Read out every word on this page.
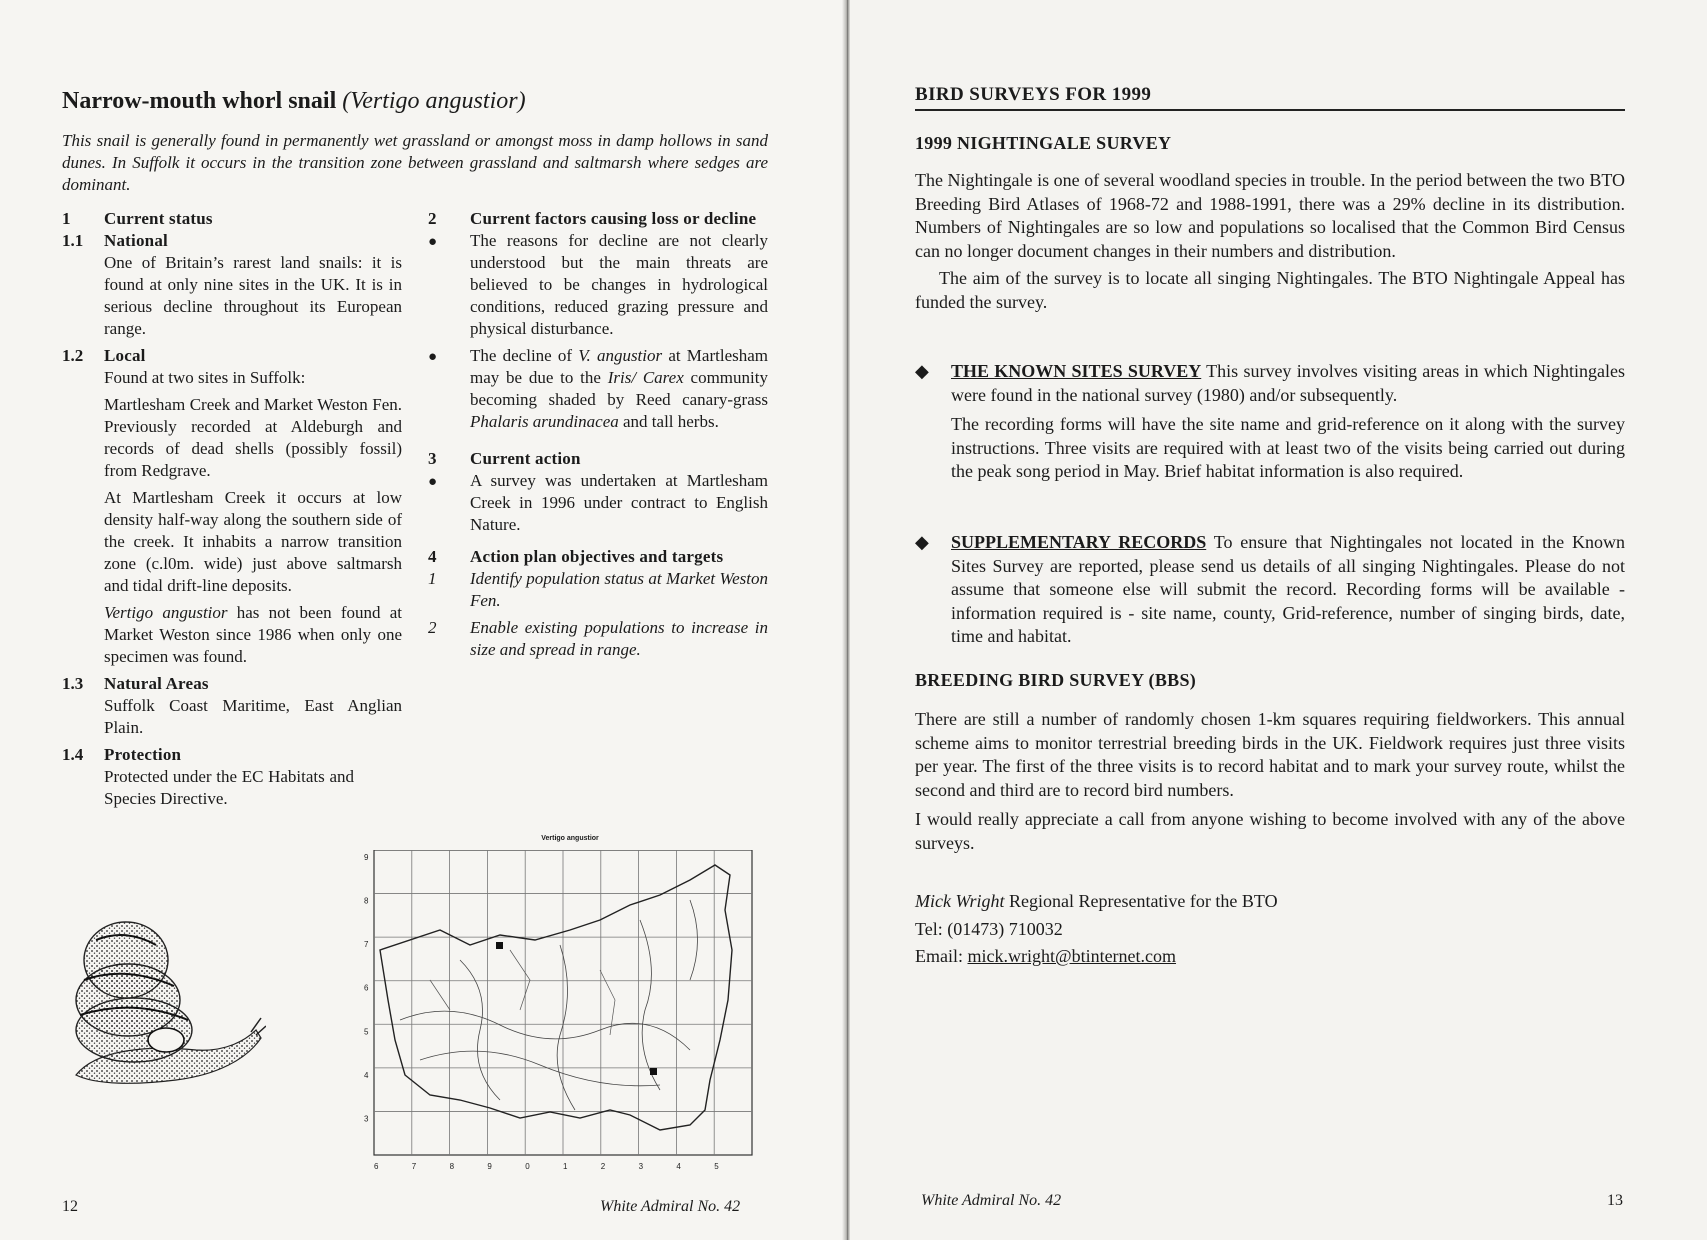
Narrow-mouth whorl snail (Vertigo angustior)

This snail is generally found in permanently wet grassland or amongst moss in damp hollows in sand dunes. In Suffolk it occurs in the transition zone between grassland and saltmarsh where sedges are dominant.

1	Current status
1.1	National
One of Britain’s rarest land snails: it is found at only nine sites in the UK. It is in serious decline throughout its European range.
1.2	Local
Found at two sites in Suffolk:
Martlesham Creek and Market Weston Fen. Previously recorded at Aldeburgh and records of dead shells (possibly fossil) from Redgrave.
At Martlesham Creek it occurs at low density half-way along the southern side of the creek. It inhabits a narrow transition zone (c.l0m. wide) just above saltmarsh and tidal drift-line deposits.
Vertigo angustior has not been found at Market Weston since 1986 when only one specimen was found.
1.3	Natural Areas
Suffolk Coast Maritime, East Anglian Plain.
1.4	Protection
Protected under the EC Habitats and Species Directive.
2	Current factors causing loss or decline
●	The reasons for decline are not clearly understood but the main threats are believed to be changes in hydrological conditions, reduced grazing pressure and physical disturbance.
●	The decline of V. angustior at Martlesham may be due to the Iris/ Carex community becoming shaded by Reed canary-grass Phalaris arundinacea and tall herbs.
3	Current action
●	A survey was undertaken at Martlesham Creek in 1996 under contract to English Nature.
4	Action plan objectives and targets
1	Identify population status at Market Weston Fen.
2	Enable existing populations to increase in size and spread in range.
Vertigo angustior
6	7	8	9	0	1	2	3	4	5
9
8
7
6
5
4
3
12	White Admiral No. 42
BIRD SURVEYS FOR 1999
1999 NIGHTINGALE SURVEY

The Nightingale is one of several woodland species in trouble. In the period between the two BTO Breeding Bird Atlases of 1968-72 and 1988-1991, there was a 29% decline in its distribution. Numbers of Nightingales are so low and populations so localised that the Common Bird Census can no longer document changes in their numbers and distribution.

The aim of the survey is to locate all singing Nightingales. The BTO Nightingale Appeal has funded the survey.

◆	THE KNOWN SITES SURVEY This survey involves visiting areas in which Nightingales were found in the national survey (1980) and/or subsequently.

The recording forms will have the site name and grid-reference on it along with the survey instructions. Three visits are required with at least two of the visits being carried out during the peak song period in May. Brief habitat information is also required.

◆	SUPPLEMENTARY RECORDS To ensure that Nightingales not located in the Known Sites Survey are reported, please send us details of all singing Nightingales. Please do not assume that someone else will submit the record. Recording forms will be available - information required is - site name, county, Grid-reference, number of singing birds, date, time and habitat.

BREEDING BIRD SURVEY (BBS)

There are still a number of randomly chosen 1-km squares requiring fieldworkers. This annual scheme aims to monitor terrestrial breeding birds in the UK. Fieldwork requires just three visits per year. The first of the three visits is to record habitat and to mark your survey route, whilst the second and third are to record bird numbers.

I would really appreciate a call from anyone wishing to become involved with any of the above surveys.

Mick Wright Regional Representative for the BTO

Tel: (01473) 710032

Email: mick.wright@btinternet.com

White Admiral No. 42	13
